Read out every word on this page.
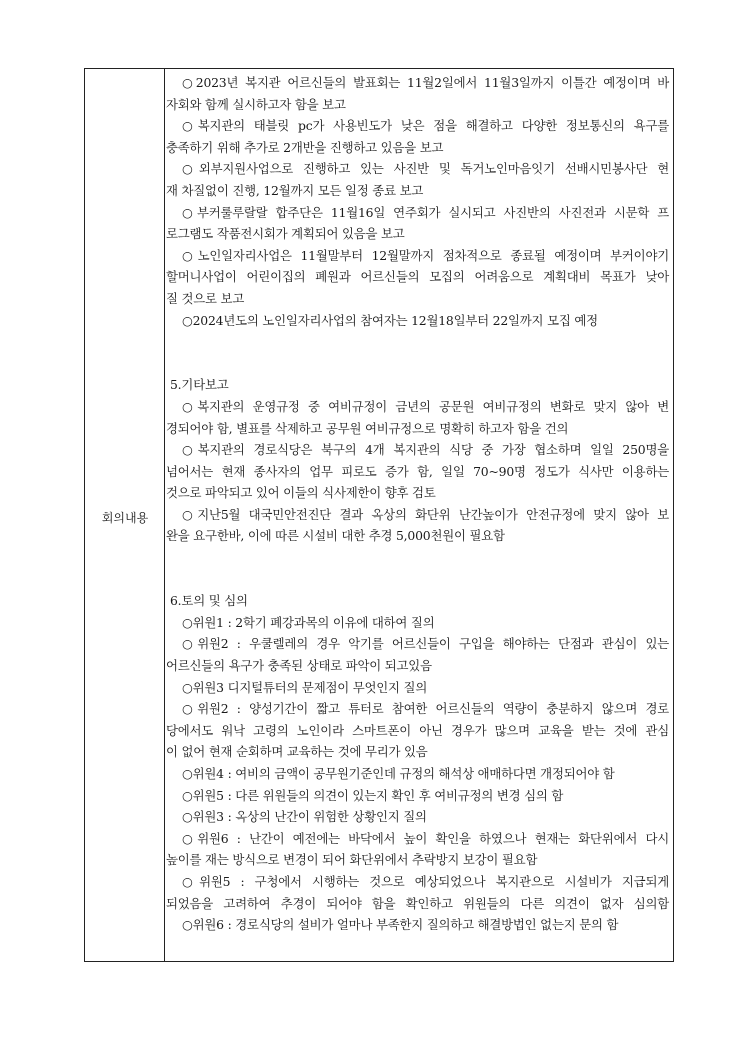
회의내용
○2023년 복지관 어르신들의 발표회는 11월2일에서 11월3일까지 이틀간 예정이며 바
자회와 함께 실시하고자 함을 보고
○복지관의 태블릿 pc가 사용빈도가 낮은 점을 해결하고 다양한 정보통신의 욕구를
충족하기 위해 추가로 2개반을 진행하고 있음을 보고
○외부지원사업으로 진행하고 있는 사진반 및 독거노인마음잇기 선배시민봉사단 현
재 차질없이 진행, 12월까지 모든 일정 종료 보고
○부커룰루랄랄 합주단은 11월16일 연주회가 실시되고 사진반의 사진전과 시문학 프
로그램도 작품전시회가 계획되어 있음을 보고
○노인일자리사업은 11월말부터 12월말까지 점차적으로 종료될 예정이며 부커이야기
할머니사업이 어린이집의 폐원과 어르신들의 모집의 어려움으로 계획대비 목표가 낮아
질 것으로 보고
○2024년도의 노인일자리사업의 참여자는 12월18일부터 22일까지 모집 예정
5.기타보고
○복지관의 운영규정 중 여비규정이 금년의 공문원 여비규정의 변화로 맞지 않아 변
경되어야 함, 별표를 삭제하고 공무원 여비규정으로 명확히 하고자 함을 건의
○복지관의 경로식당은 북구의 4개 복지관의 식당 중 가장 협소하며 일일 250명을
넘어서는 현재 종사자의 업무 피로도 증가 함, 일일 70~90명 정도가 식사만 이용하는
것으로 파악되고 있어 이들의 식사제한이 향후 검토
○지난5월 대국민안전진단 결과 옥상의 화단위 난간높이가 안전규정에 맞지 않아 보
완을 요구한바, 이에 따른 시설비 대한 추경 5,000천원이 필요함
6.토의 및 심의
○위원1 : 2학기 폐강과목의 이유에 대하여 질의
○위원2 : 우쿨렐레의 경우 악기를 어르신들이 구입을 해야하는 단점과 관심이 있는
어르신들의 욕구가 충족된 상태로 파악이 되고있음
○위원3 디지털튜터의 문제점이 무엇인지 질의
○위원2 : 양성기간이 짧고 튜터로 참여한 어르신들의 역량이 충분하지 않으며 경로
당에서도 워낙 고령의 노인이라 스마트폰이 아닌 경우가 많으며 교육을 받는 것에 관심
이 없어 현재 순회하며 교육하는 것에 무리가 있음
○위원4 : 여비의 금액이 공무원기준인데 규정의 해석상 애매하다면 개정되어야 함
○위원5 : 다른 위원들의 의견이 있는지 확인 후 여비규정의 변경 심의 함
○위원3 : 옥상의 난간이 위험한 상황인지 질의
○위원6 : 난간이 예전에는 바닥에서 높이 확인을 하였으나 현재는 화단위에서 다시
높이를 재는 방식으로 변경이 되어 화단위에서 추락방지 보강이 필요함
○위원5 : 구청에서 시행하는 것으로 예상되었으나 복지관으로 시설비가 지급되게
되었음을 고려하여 추경이 되어야 함을 확인하고 위원들의 다른 의견이 없자 심의함
○위원6 : 경로식당의 설비가 얼마나 부족한지 질의하고 해결방법인 없는지 문의 함
